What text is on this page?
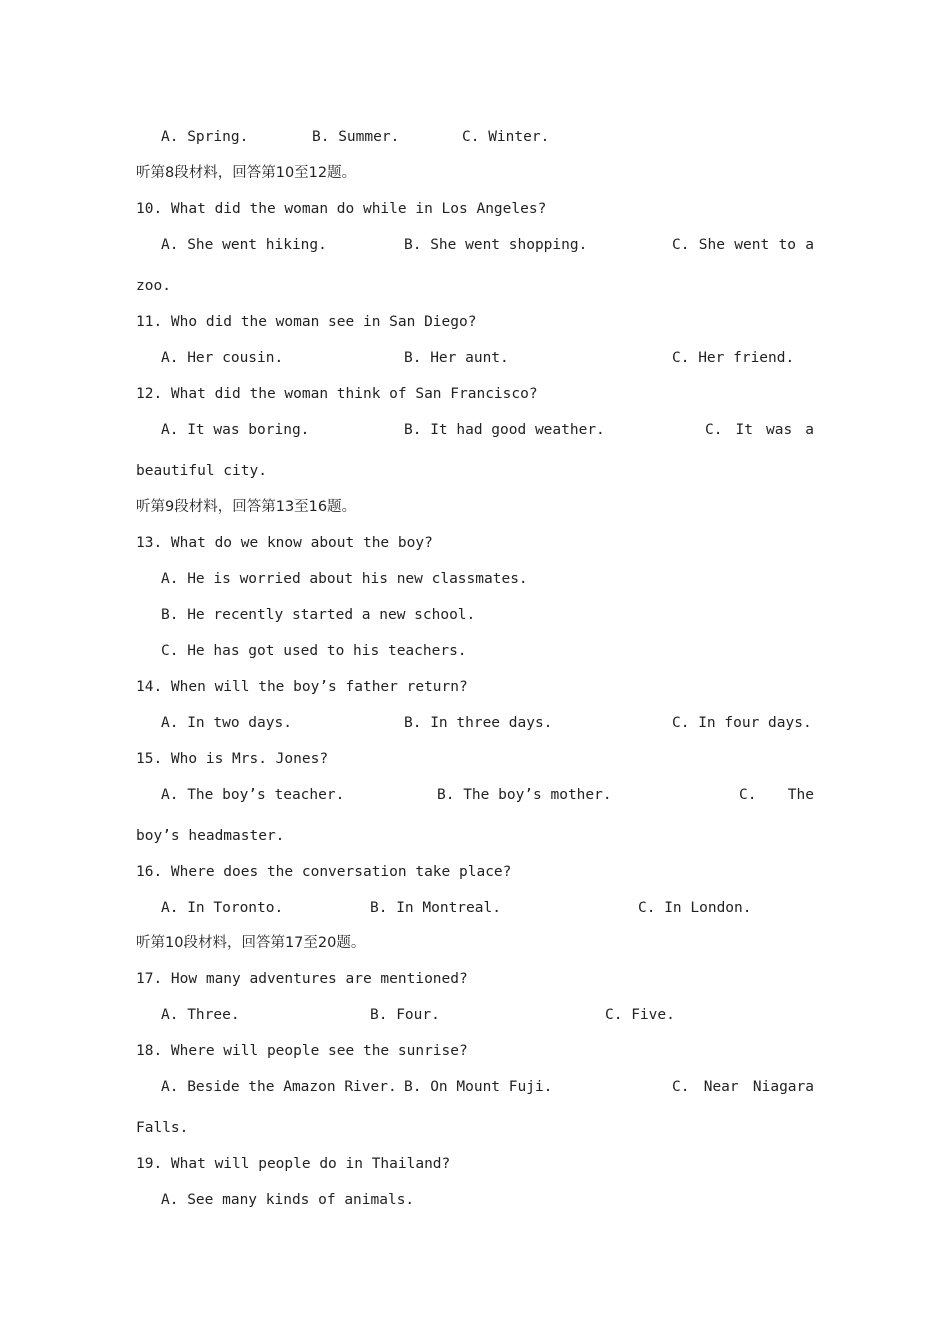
A. Spring.	B. Summer.	C. Winter.
听第8段材料，回答第10至12题。
10. What did the woman do while in Los Angeles?
A. She went hiking.	B. She went shopping.	C. She went to a
zoo.
11. Who did the woman see in San Diego?
A. Her cousin.	B. Her aunt.	C. Her friend.
12. What did the woman think of San Francisco?
A. It was boring.	B. It had good weather.	C. It was a
beautiful city.
听第9段材料，回答第13至16题。
13. What do we know about the boy?
A. He is worried about his new classmates.
B. He recently started a new school.
C. He has got used to his teachers.
14. When will the boy’s father return?
A. In two days.	B. In three days.	C. In four days.
15. Who is Mrs. Jones?
A. The boy’s teacher.	B. The boy’s mother.	C. The
boy’s headmaster.
16. Where does the conversation take place?
A. In Toronto.	B. In Montreal.	C. In London.
听第10段材料，回答第17至20题。
17. How many adventures are mentioned?
A. Three.	B. Four.	C. Five.
18. Where will people see the sunrise?
A. Beside the Amazon River. B. On Mount Fuji.	C. Near Niagara
Falls.
19. What will people do in Thailand?
A. See many kinds of animals.
